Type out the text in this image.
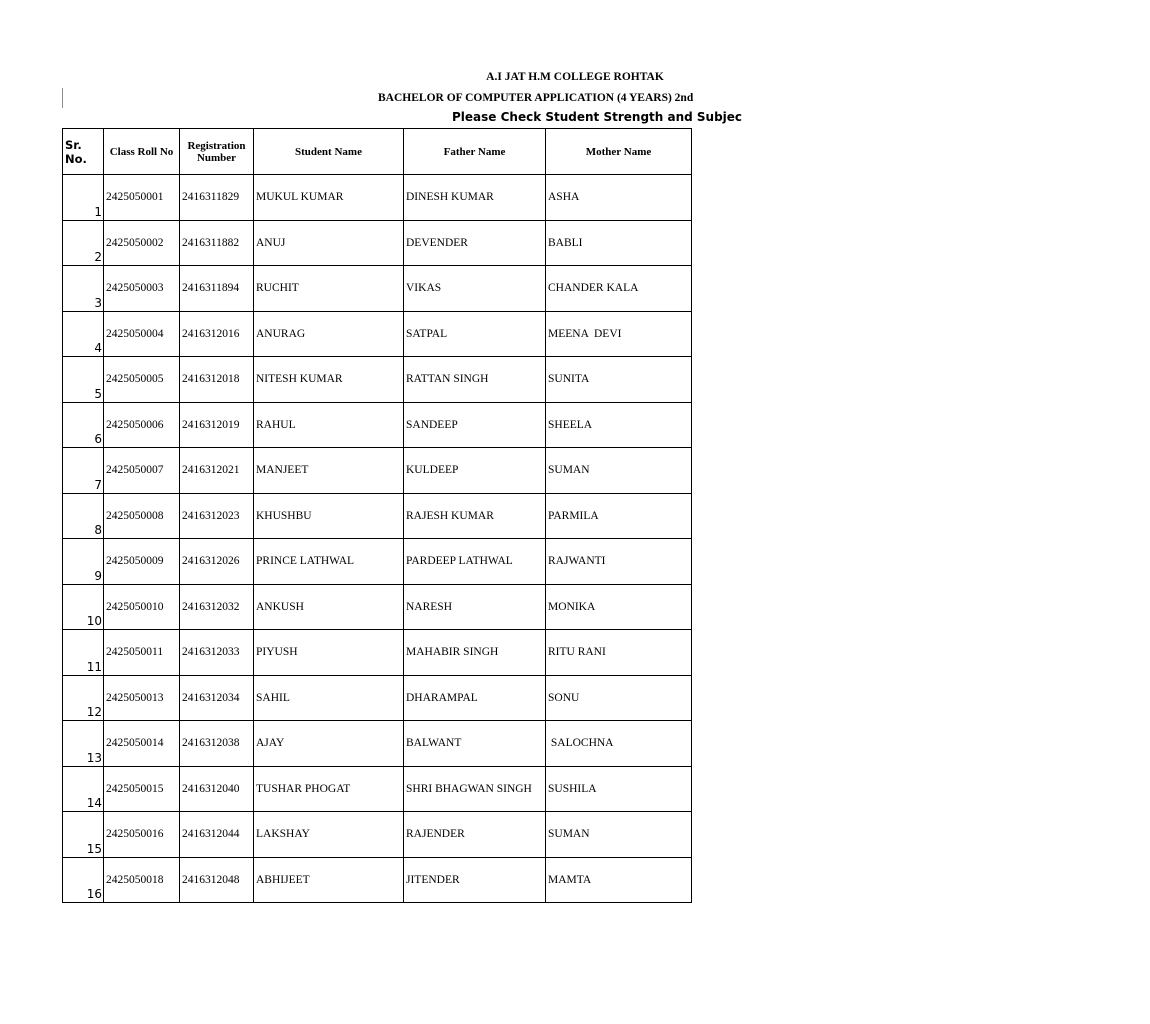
A.I JAT H.M COLLEGE ROHTAK
BACHELOR OF COMPUTER APPLICATION (4 YEARS) 2nd
Please Check Student Strength and Subjec
Sr. No.	Class Roll No	Registration Number	Student Name	Father Name	Mother Name
1	2425050001	2416311829	MUKUL KUMAR	DINESH KUMAR	ASHA
2	2425050002	2416311882	ANUJ	DEVENDER	BABLI
3	2425050003	2416311894	RUCHIT	VIKAS	CHANDER KALA
4	2425050004	2416312016	ANURAG	SATPAL	MEENA  DEVI
5	2425050005	2416312018	NITESH KUMAR	RATTAN SINGH	SUNITA
6	2425050006	2416312019	RAHUL	SANDEEP	SHEELA
7	2425050007	2416312021	MANJEET	KULDEEP	SUMAN
8	2425050008	2416312023	KHUSHBU	RAJESH KUMAR	PARMILA
9	2425050009	2416312026	PRINCE LATHWAL	PARDEEP LATHWAL	RAJWANTI
10	2425050010	2416312032	ANKUSH	NARESH	MONIKA
11	2425050011	2416312033	PIYUSH	MAHABIR SINGH	RITU RANI
12	2425050013	2416312034	SAHIL	DHARAMPAL	SONU
13	2425050014	2416312038	AJAY	BALWANT	SALOCHNA
14	2425050015	2416312040	TUSHAR PHOGAT	SHRI BHAGWAN SINGH	SUSHILA
15	2425050016	2416312044	LAKSHAY	RAJENDER	SUMAN
16	2425050018	2416312048	ABHIJEET	JITENDER	MAMTA
